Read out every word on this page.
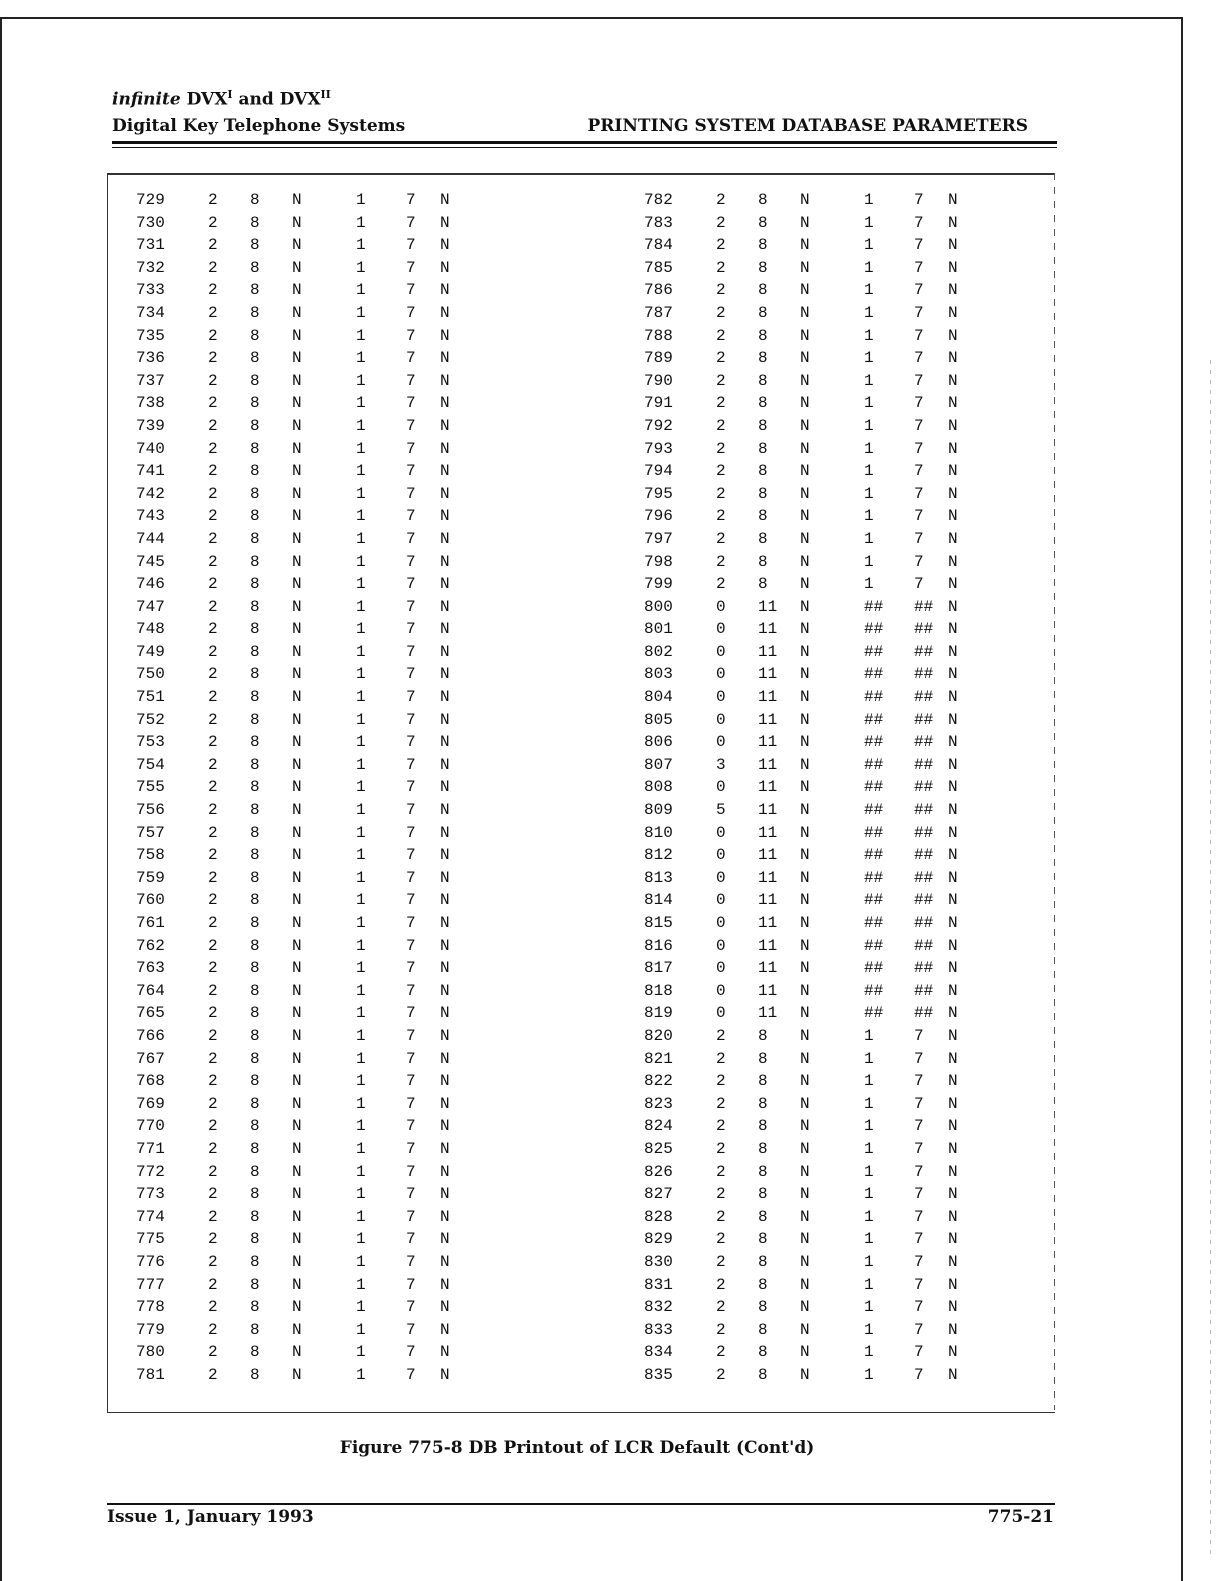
infinite $DVX^I$ and $DVX^{II}$
Digital Key Telephone Systems	PRINTING SYSTEM DATABASE PARAMETERS
729	2 8 N	1	7 N
730	2 8 N	1	7 N
731	2 8 N	1	7 N
732	2 8 N	1	7 N
733	2 8 N	1	7 N
734	2 8 N	1	7 N
735	2 8 N	1	7 N
736	2 8 N	1	7 N
737	2 8 N	1	7 N
738	2 8 N	1	7 N
739	2 8 N	1	7 N
740	2 8 N	1	7 N
741	2 8 N	1	7 N
742	2 8 N	1	7 N
743	2 8 N	1	7 N
744	2 8 N	1	7 N
745	2 8 N	1	7 N
746	2 8 N	1	7 N
747	2 8 N	1	7 N
748	2 8 N	1	7 N
749	2 8 N	1	7 N
750	2 8 N	1	7 N
751	2 8 N	1	7 N
752	2 8 N	1	7 N
753	2 8 N	1	7 N
754	2 8 N	1	7 N
755	2 8 N	1	7 N
756	2 8 N	1	7 N
757	2 8 N	1	7 N
758	2 8 N	1	7 N
759	2 8 N	1	7 N
760	2 8 N	1	7 N
761	2 8 N	1	7 N
762	2 8 N	1	7 N
763	2 8 N	1	7 N
764	2 8 N	1	7 N
765	2 8 N	1	7 N
766	2 8 N	1	7 N
767	2 8 N	1	7 N
768	2 8 N	1	7 N
769	2 8 N	1	7 N
770	2 8 N	1	7 N
771	2 8 N	1	7 N
772	2 8 N	1	7 N
773	2 8 N	1	7 N
774	2 8 N	1	7 N
775	2 8 N	1	7 N
776	2 8 N	1	7 N
777	2 8 N	1	7 N
778	2 8 N	1	7 N
779	2 8 N	1	7 N
780	2 8 N	1	7 N
781	2 8 N	1	7 N
782	2 8 N	1	7 N
783	2 8 N	1	7 N
784	2 8 N	1	7 N
785	2 8 N	1	7 N
786	2 8 N	1	7 N
787	2 8 N	1	7 N
788	2 8 N	1	7 N
789	2 8 N	1	7 N
790	2 8 N	1	7 N
791	2 8 N	1	7 N
792	2 8 N	1	7 N
793	2 8 N	1	7 N
794	2 8 N	1	7 N
795	2 8 N	1	7 N
796	2 8 N	1	7 N
797	2 8 N	1	7 N
798	2 8 N	1	7 N
799	2 8 N	1	7 N
800	0 11 N	## ## N
801	0 11 N	## ## N
802	0 11 N	## ## N
803	0 11 N	## ## N
804	0 11 N	## ## N
805	0 11 N	## ## N
806	0 11 N	## ## N
807	3 11 N	## ## N
808	0 11 N	## ## N
809	5 11 N	## ## N
810	0 11 N	## ## N
812	0 11 N	## ## N
813	0 11 N	## ## N
814	0 11 N	## ## N
815	0 11 N	## ## N
816	0 11 N	## ## N
817	0 11 N	## ## N
818	0 11 N	## ## N
819	0 11 N	## ## N
820	2 8 N	1	7 N
821	2 8 N	1	7 N
822	2 8 N	1	7 N
823	2 8 N	1	7 N
824	2 8 N	1	7 N
825	2 8 N	1	7 N
826	2 8 N	1	7 N
827	2 8 N	1	7 N
828	2 8 N	1	7 N
829	2 8 N	1	7 N
830	2 8 N	1	7 N
831	2 8 N	1	7 N
832	2 8 N	1	7 N
833	2 8 N	1	7 N
834	2 8 N	1	7 N
835	2 8 N	1	7 N
Figure 775-8 DB Printout of LCR Default (Cont'd)
Issue 1, January 1993	775-21
